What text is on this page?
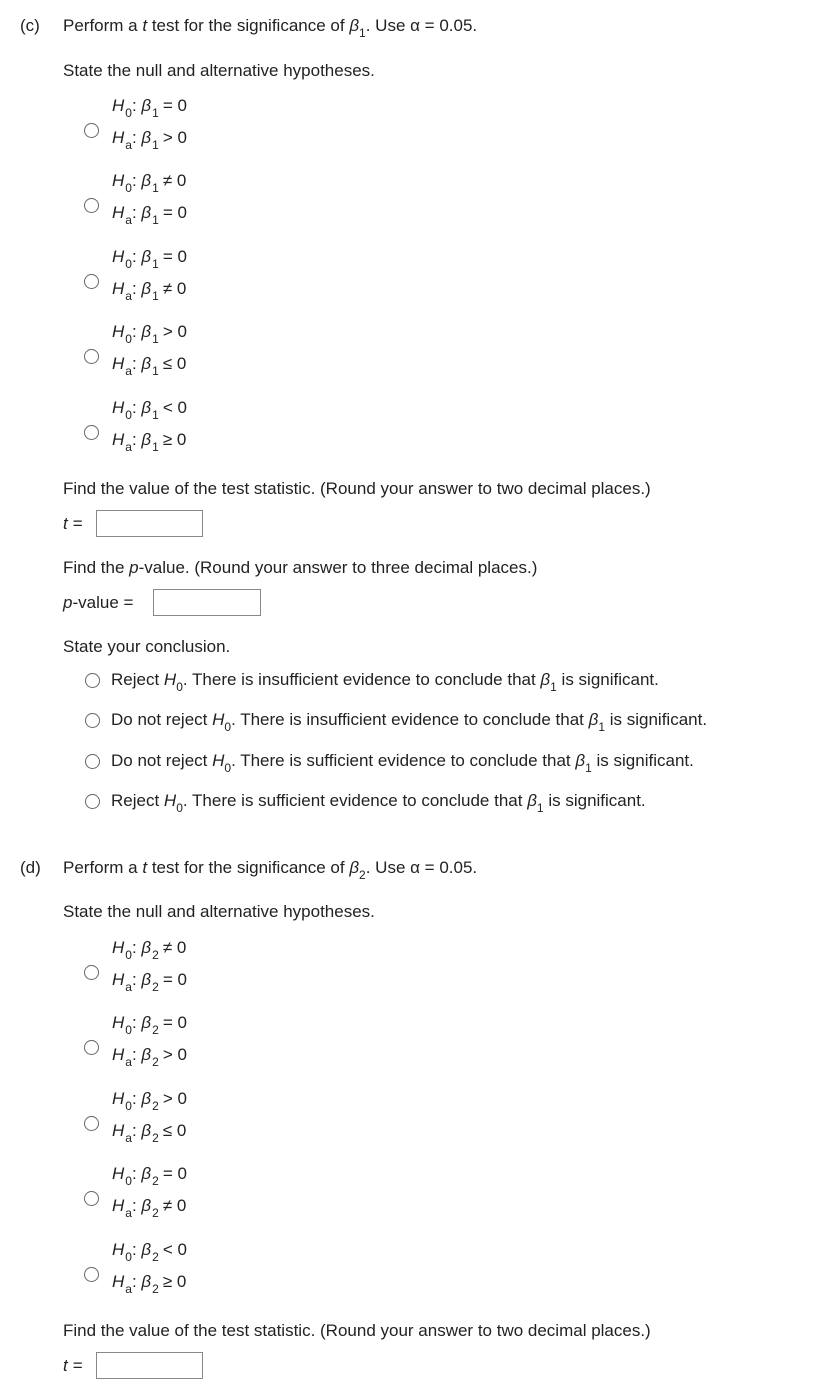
(c) Perform a t test for the significance of $\beta_1$. Use α = 0.05.
State the null and alternative hypotheses.
$H_0$: $\beta_1 = 0$
$H_a$: $\beta_1 > 0$
$H_0$: $\beta_1 \ne 0$
$H_a$: $\beta_1 = 0$
$H_0$: $\beta_1 = 0$
$H_a$: $\beta_1 \ne 0$
$H_0$: $\beta_1 > 0$
$H_a$: $\beta_1 \le 0$
$H_0$: $\beta_1 < 0$
$H_a$: $\beta_1 \ge 0$
Find the value of the test statistic. (Round your answer to two decimal places.)
t =
Find the p-value. (Round your answer to three decimal places.)
p-value =
State your conclusion.
Reject $H_0$. There is insufficient evidence to conclude that $\beta_1$ is significant.
Do not reject $H_0$. There is insufficient evidence to conclude that $\beta_1$ is significant.
Do not reject $H_0$. There is sufficient evidence to conclude that $\beta_1$ is significant.
Reject $H_0$. There is sufficient evidence to conclude that $\beta_1$ is significant.
(d) Perform a t test for the significance of $\beta_2$. Use α = 0.05.
State the null and alternative hypotheses.
$H_0$: $\beta_2 \ne 0$
$H_a$: $\beta_2 = 0$
$H_0$: $\beta_2 = 0$
$H_a$: $\beta_2 > 0$
$H_0$: $\beta_2 > 0$
$H_a$: $\beta_2 \le 0$
$H_0$: $\beta_2 = 0$
$H_a$: $\beta_2 \ne 0$
$H_0$: $\beta_2 < 0$
$H_a$: $\beta_2 \ge 0$
Find the value of the test statistic. (Round your answer to two decimal places.)
t =
